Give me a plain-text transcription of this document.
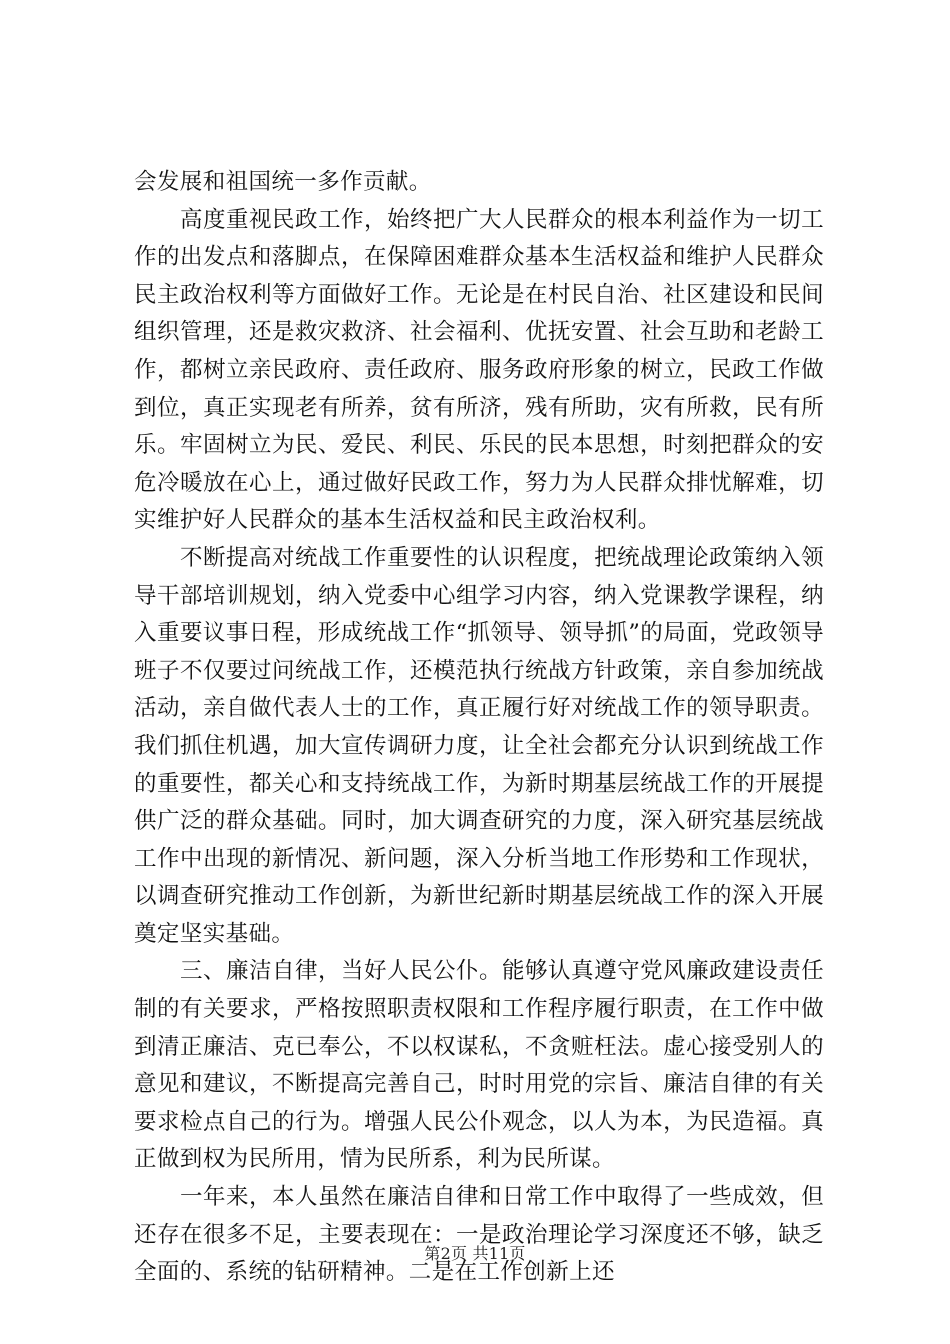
会发展和祖国统一多作贡献。

高度重视民政工作，始终把广大人民群众的根本利益作为一切工作的出发点和落脚点，在保障困难群众基本生活权益和维护人民群众民主政治权利等方面做好工作。无论是在村民自治、社区建设和民间组织管理，还是救灾救济、社会福利、优抚安置、社会互助和老龄工作，都树立亲民政府、责任政府、服务政府形象的树立，民政工作做到位，真正实现老有所养，贫有所济，残有所助，灾有所救，民有所乐。牢固树立为民、爱民、利民、乐民的民本思想，时刻把群众的安危冷暖放在心上，通过做好民政工作，努力为人民群众排忧解难，切实维护好人民群众的基本生活权益和民主政治权利。

不断提高对统战工作重要性的认识程度，把统战理论政策纳入领导干部培训规划，纳入党委中心组学习内容，纳入党课教学课程，纳入重要议事日程，形成统战工作“抓领导、领导抓”的局面，党政领导班子不仅要过问统战工作，还模范执行统战方针政策，亲自参加统战活动，亲自做代表人士的工作，真正履行好对统战工作的领导职责。我们抓住机遇，加大宣传调研力度，让全社会都充分认识到统战工作的重要性，都关心和支持统战工作，为新时期基层统战工作的开展提供广泛的群众基础。同时，加大调查研究的力度，深入研究基层统战工作中出现的新情况、新问题，深入分析当地工作形势和工作现状，以调查研究推动工作创新，为新世纪新时期基层统战工作的深入开展奠定坚实基础。

三、廉洁自律，当好人民公仆。能够认真遵守党风廉政建设责任制的有关要求，严格按照职责权限和工作程序履行职责，在工作中做到清正廉洁、克已奉公，不以权谋私，不贪赃枉法。虚心接受别人的意见和建议，不断提高完善自己，时时用党的宗旨、廉洁自律的有关要求检点自己的行为。增强人民公仆观念，以人为本，为民造福。真正做到权为民所用，情为民所系，利为民所谋。

一年来，本人虽然在廉洁自律和日常工作中取得了一些成效，但还存在很多不足，主要表现在：一是政治理论学习深度还不够，缺乏全面的、系统的钻研精神。二是在工作创新上还

第2页 共11页
